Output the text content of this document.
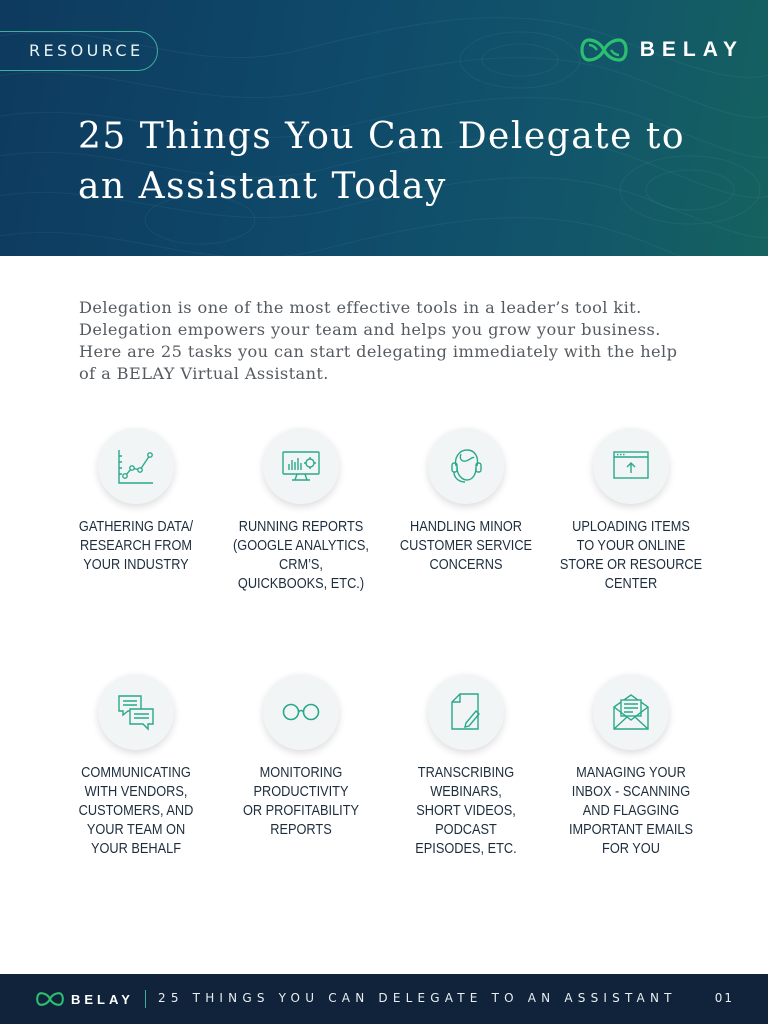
RESOURCE	BELAY
25 Things You Can Delegate to an Assistant Today

Delegation is one of the most effective tools in a leader’s tool kit. Delegation empowers your team and helps you grow your business. Here are 25 tasks you can start delegating immediately with the help of a BELAY Virtual Assistant.

GATHERING DATA/
RESEARCH FROM
YOUR INDUSTRY
RUNNING REPORTS
(GOOGLE ANALYTICS, CRM’S,
QUICKBOOKS, ETC.)
HANDLING MINOR
CUSTOMER SERVICE
CONCERNS
UPLOADING ITEMS
TO YOUR ONLINE
STORE OR RESOURCE
CENTER
COMMUNICATING
WITH VENDORS,
CUSTOMERS, AND
YOUR TEAM ON
YOUR BEHALF
MONITORING
PRODUCTIVITY
OR PROFITABILITY
REPORTS
TRANSCRIBING WEBINARS,
SHORT VIDEOS, PODCAST
EPISODES, ETC.
MANAGING YOUR
INBOX - SCANNING
AND FLAGGING
IMPORTANT EMAILS
FOR YOU
BELAY 25 THINGS YOU CAN DELEGATE TO AN ASSISTANT	01
